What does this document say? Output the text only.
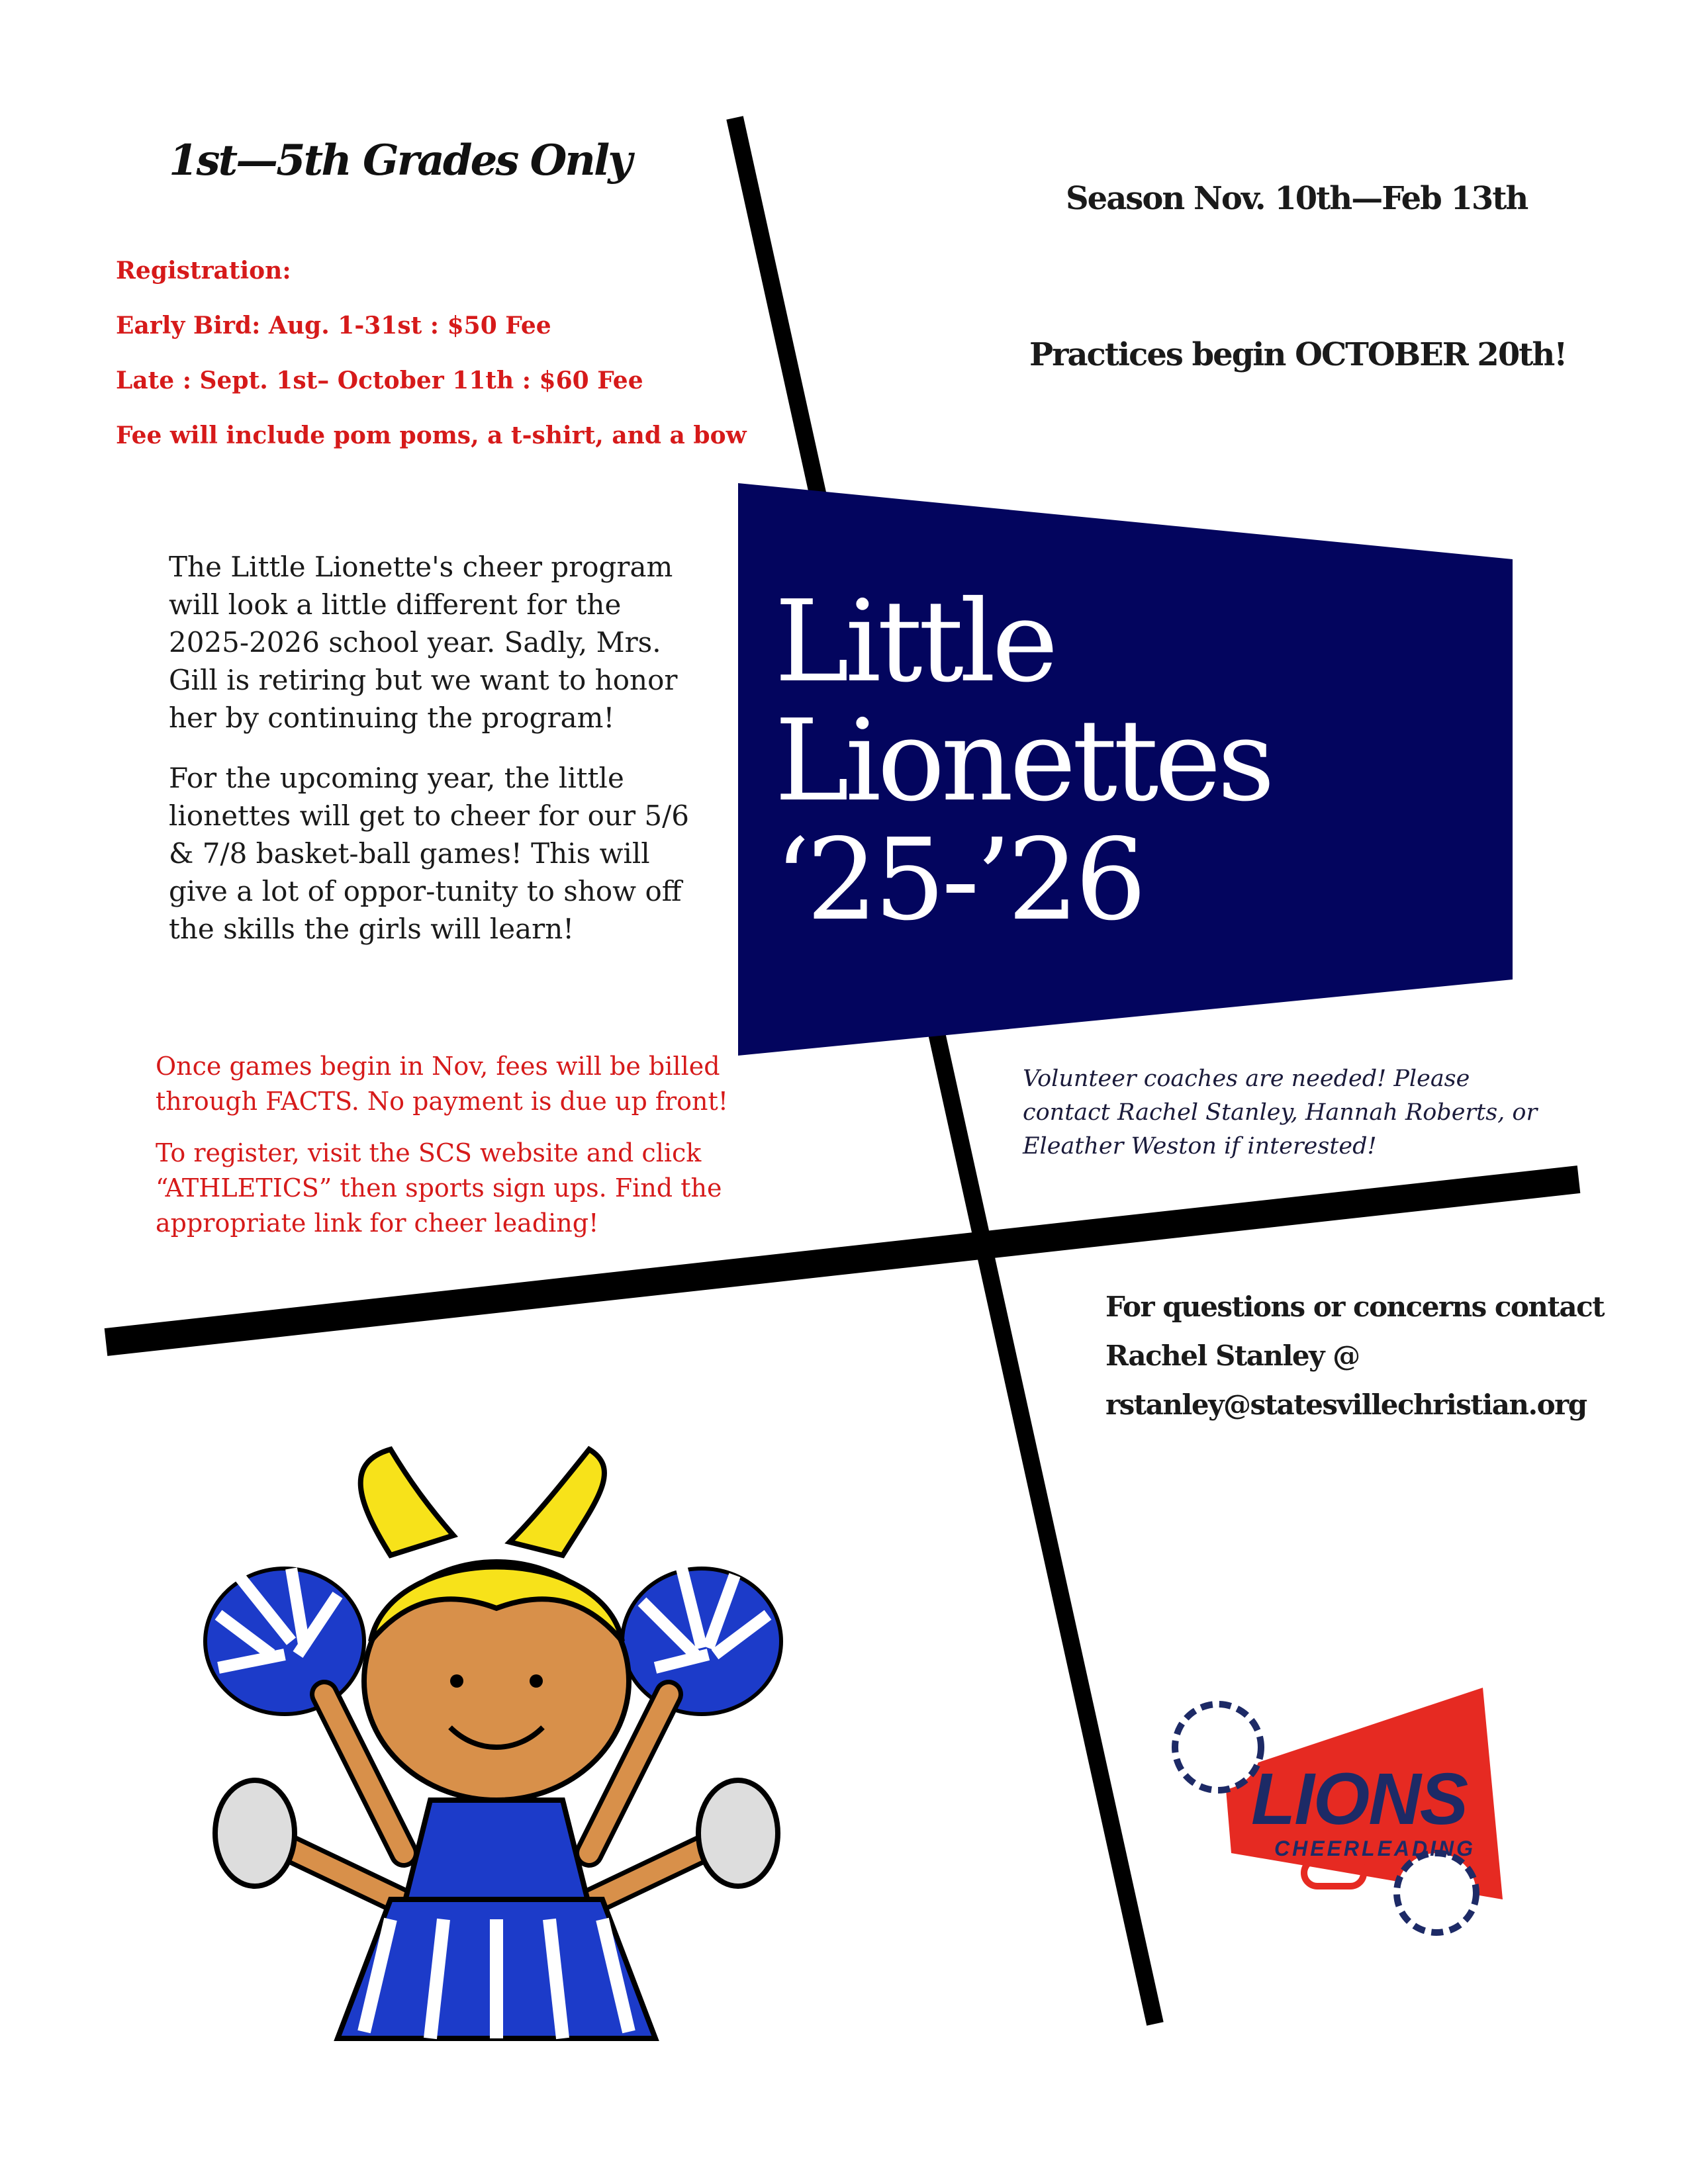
1st—5th Grades Only
Season Nov. 10th—Feb 13th
Practices begin OCTOBER 20th!
Registration:
Early Bird: Aug. 1-31st : $50 Fee
Late : Sept. 1st– October 11th : $60 Fee
Fee will include pom poms, a t-shirt, and a bow
Little
Lionettes
‘25-’26

The Little Lionette's cheer program will look a little different for the 2025-2026 school year. Sadly, Mrs. Gill is retiring but we want to honor her by continuing the program!

For the upcoming year, the little lionettes will get to cheer for our 5/6 & 7/8 basket-ball games! This will give a lot of oppor-tunity to show off the skills the girls will learn!

Once games begin in Nov, fees will be billed through FACTS. No payment is due up front!

To register, visit the SCS website and click “ATHLETICS” then sports sign ups. Find the appropriate link for cheer leading!

Volunteer coaches are needed! Please contact Rachel Stanley, Hannah Roberts, or Eleather Weston if interested!
For questions or concerns contact
Rachel Stanley @
rstanley@statesvillechristian.org
LIONS
CHEERLEADING
